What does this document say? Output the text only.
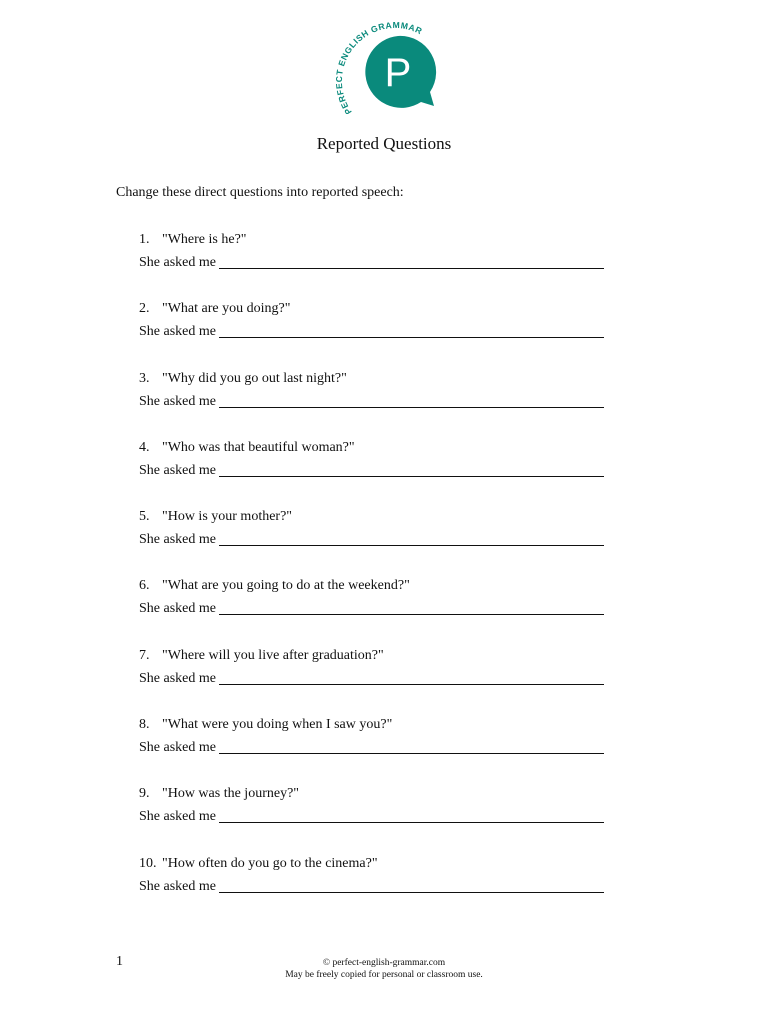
PERFECT ENGLISH GRAMMAR
P
Reported Questions
Change these direct questions into reported speech:
1. "Where is he?"
She asked me
2. "What are you doing?"
She asked me
3. "Why did you go out last night?"
She asked me
4. "Who was that beautiful woman?"
She asked me
5. "How is your mother?"
She asked me
6. "What are you going to do at the weekend?"
She asked me
7. "Where will you live after graduation?"
She asked me
8. "What were you doing when I saw you?"
She asked me
9. "How was the journey?"
She asked me
10. "How often do you go to the cinema?"
She asked me
1	© perfect-english-grammar.com
May be freely copied for personal or classroom use.
